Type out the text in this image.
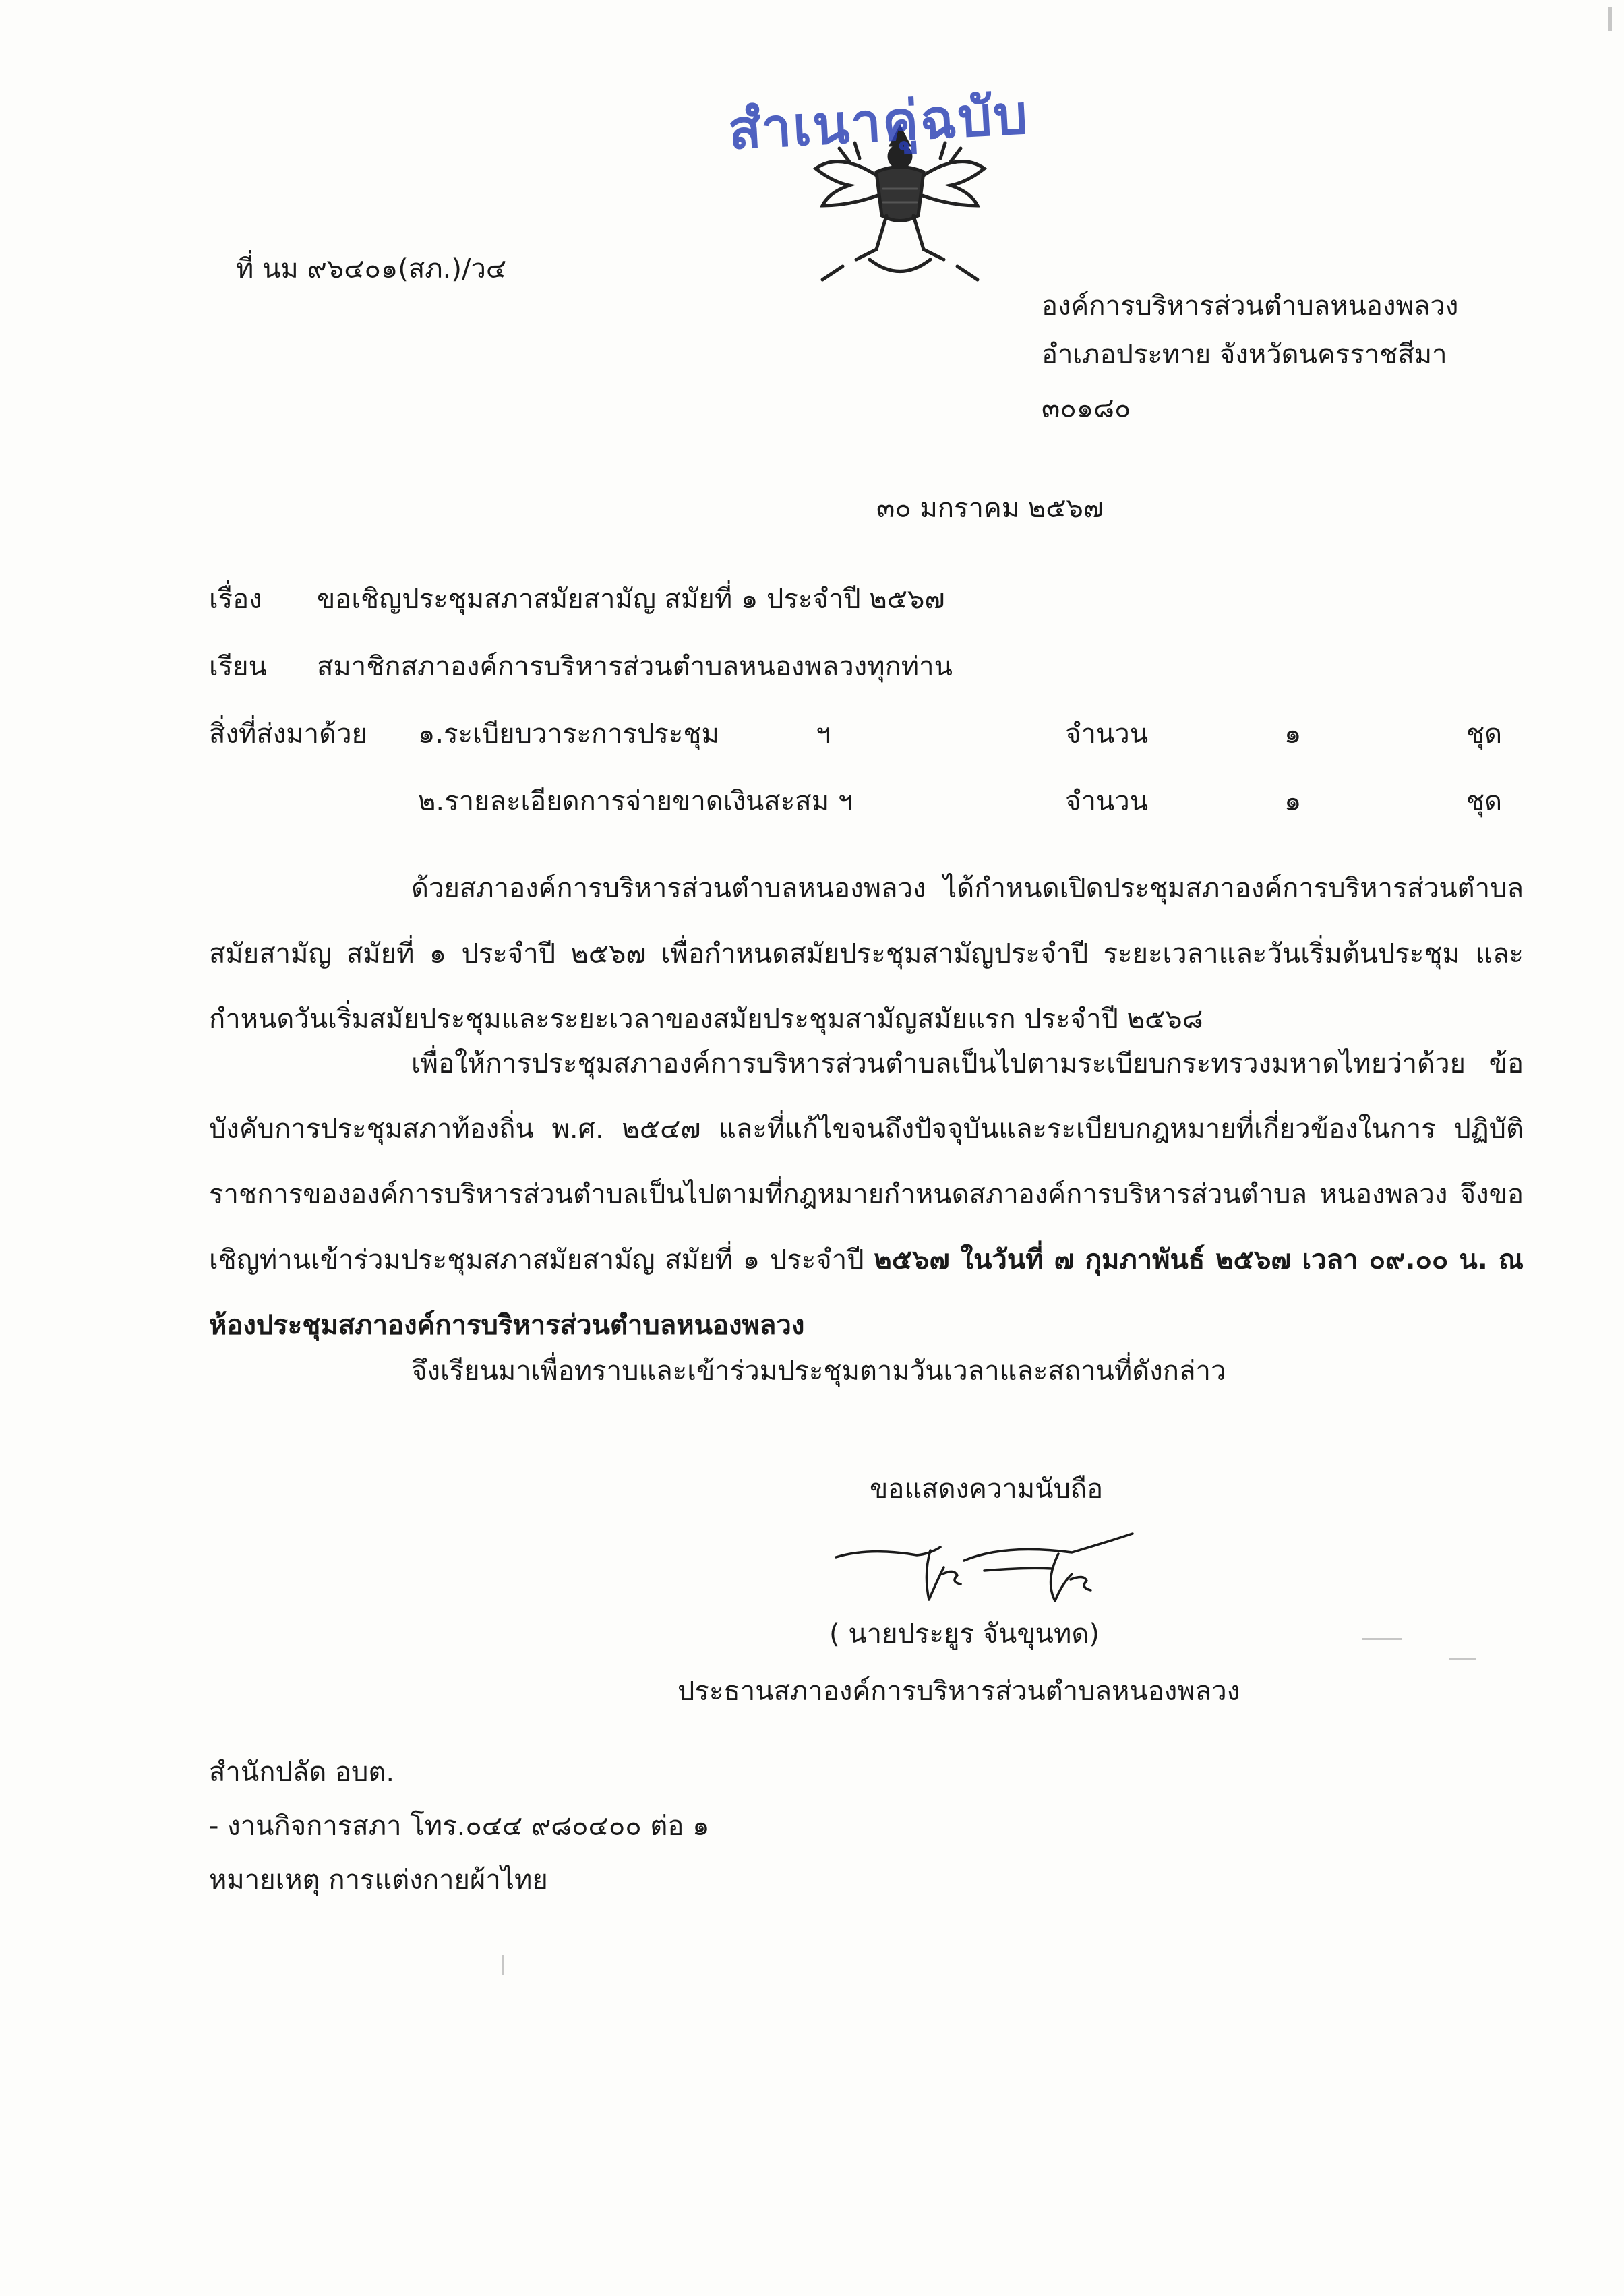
สำเนาคู่ฉบับ

ที่ นม ๙๖๔๐๑(สภ.)/ว๔

องค์การบริหารส่วนตำบลหนองพลวง

อำเภอประทาย จังหวัดนครราชสีมา

๓๐๑๘๐

๓๐ มกราคม ๒๕๖๗

เรื่อง ขอเชิญประชุมสภาสมัยสามัญ สมัยที่ ๑ ประจำปี ๒๕๖๗

เรียน สมาชิกสภาองค์การบริหารส่วนตำบลหนองพลวงทุกท่าน

สิ่งที่ส่งมาด้วย ๑.ระเบียบวาระการประชุม	ฯ	จำนวน	๑	ชุด

๒.รายละเอียดการจ่ายขาดเงินสะสม ฯ	จำนวน	๑	ชุด

ด้วยสภาองค์การบริหารส่วนตำบลหนองพลวง ได้กำหนดเปิดประชุมสภาองค์การบริหารส่วนตำบล สมัยสามัญ สมัยที่ ๑ ประจำปี ๒๕๖๗ เพื่อกำหนดสมัยประชุมสามัญประจำปี ระยะเวลาและวันเริ่มต้นประชุม และกำหนดวันเริ่มสมัยประชุมและระยะเวลาของสมัยประชุมสามัญสมัยแรก ประจำปี ๒๕๖๘

เพื่อให้การประชุมสภาองค์การบริหารส่วนตำบลเป็นไปตามระเบียบกระทรวงมหาดไทยว่าด้วย ข้อบังคับการประชุมสภาท้องถิ่น พ.ศ. ๒๕๔๗ และที่แก้ไขจนถึงปัจจุบันและระเบียบกฎหมายที่เกี่ยวข้องในการ ปฏิบัติราชการขององค์การบริหารส่วนตำบลเป็นไปตามที่กฎหมายกำหนดสภาองค์การบริหารส่วนตำบล หนองพลวง จึงขอเชิญท่านเข้าร่วมประชุมสภาสมัยสามัญ สมัยที่ ๑ ประจำปี ๒๕๖๗ ในวันที่ ๗ กุมภาพันธ์ ๒๕๖๗ เวลา ๐๙.๐๐ น. ณ ห้องประชุมสภาองค์การบริหารส่วนตำบลหนองพลวง

จึงเรียนมาเพื่อทราบและเข้าร่วมประชุมตามวันเวลาและสถานที่ดังกล่าว

ขอแสดงความนับถือ

( นายประยูร จันขุนทด)

ประธานสภาองค์การบริหารส่วนตำบลหนองพลวง

สำนักปลัด อบต.

- งานกิจการสภา โทร.๐๔๔ ๙๘๐๔๐๐ ต่อ ๑

หมายเหตุ การแต่งกายผ้าไทย
